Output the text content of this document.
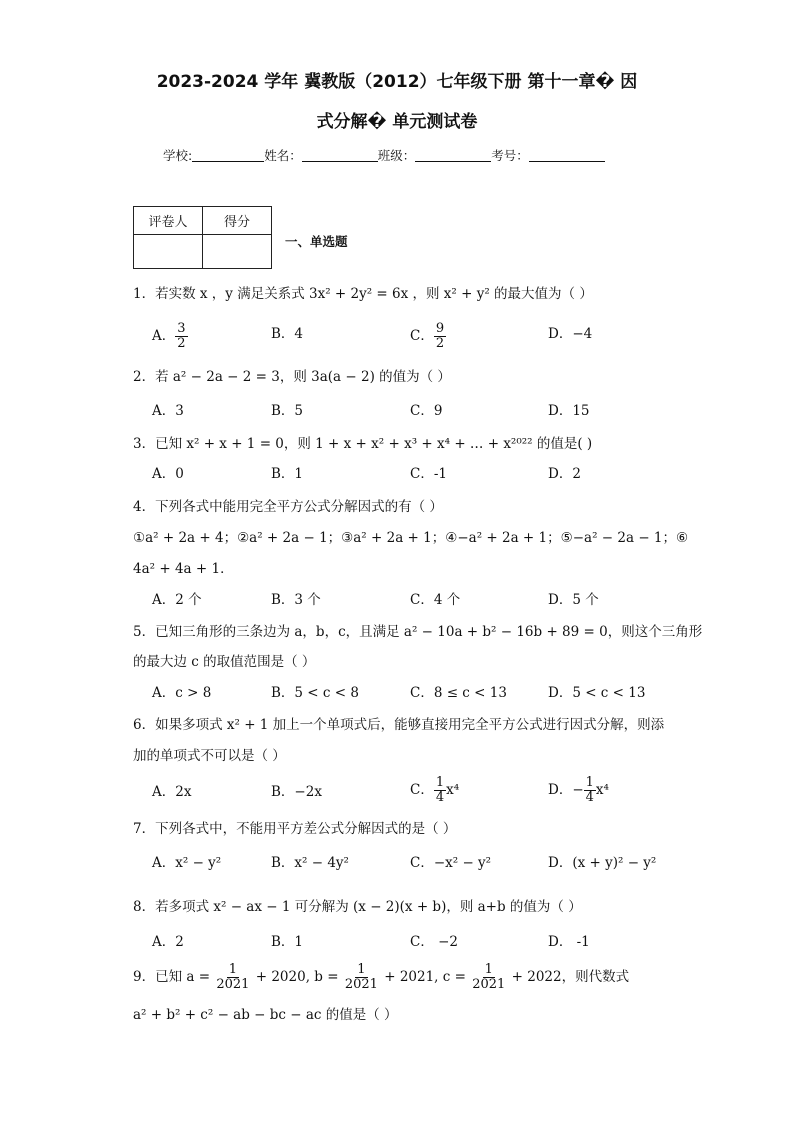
2023-2024 学年 冀教版（2012）七年级下册 第十一章� 因
式分解� 单元测试卷
学校:	姓名：	班级：	考号：
评卷人	得分

一、单选题
1．若实数 x ，y 满足关系式 3x² + 2y² = 6x ，则 x² + y² 的最大值为（ ）
A． $\frac{3}{2}$	B．4	C． $\frac{9}{2}$	D．−4
2．若 a² − 2a − 2 = 3，则 3a(a − 2) 的值为（ ）
A．3	B．5	C．9	D．15
3．已知 x² + x + 1 = 0，则 1 + x + x² + x³ + x⁴ + … + x²⁰²² 的值是( )
A．0	B．1	C．-1	D．2
4．下列各式中能用完全平方公式分解因式的有（ ）
①a² + 2a + 4；②a² + 2a − 1；③a² + 2a + 1；④−a² + 2a + 1；⑤−a² − 2a − 1；⑥
4a² + 4a + 1．
A．2 个	B．3 个	C．4 个	D．5 个
5．已知三角形的三条边为 a，b，c，且满足 a² − 10a + b² − 16b + 89 = 0，则这个三角形
的最大边 c 的取值范围是（ ）
A．c > 8	B．5 < c < 8	C．8 ≤ c < 13	D．5 < c < 13
6．如果多项式 x² + 1 加上一个单项式后，能够直接用完全平方公式进行因式分解，则添
加的单项式不可以是（ ）
A．2x	B．−2x	C． $\frac{1}{4} x^4$	D．− $\frac{1}{4} x^4$
7．下列各式中，不能用平方差公式分解因式的是（ ）
A．x² − y²	B．x² − 4y²	C．−x² − y²	D．(x + y)² − y²
8．若多项式 x² − ax − 1 可分解为 (x − 2)(x + b)，则 a+b 的值为（ ）
A．2	B．1	C． −2	D． -1
9．已知 $a = \frac{1}{2021} + 2020$, $b = \frac{1}{2021} + 2021$, $c = \frac{1}{2021} + 2022$，则代数式
a² + b² + c² − ab − bc − ac 的值是（ ）
